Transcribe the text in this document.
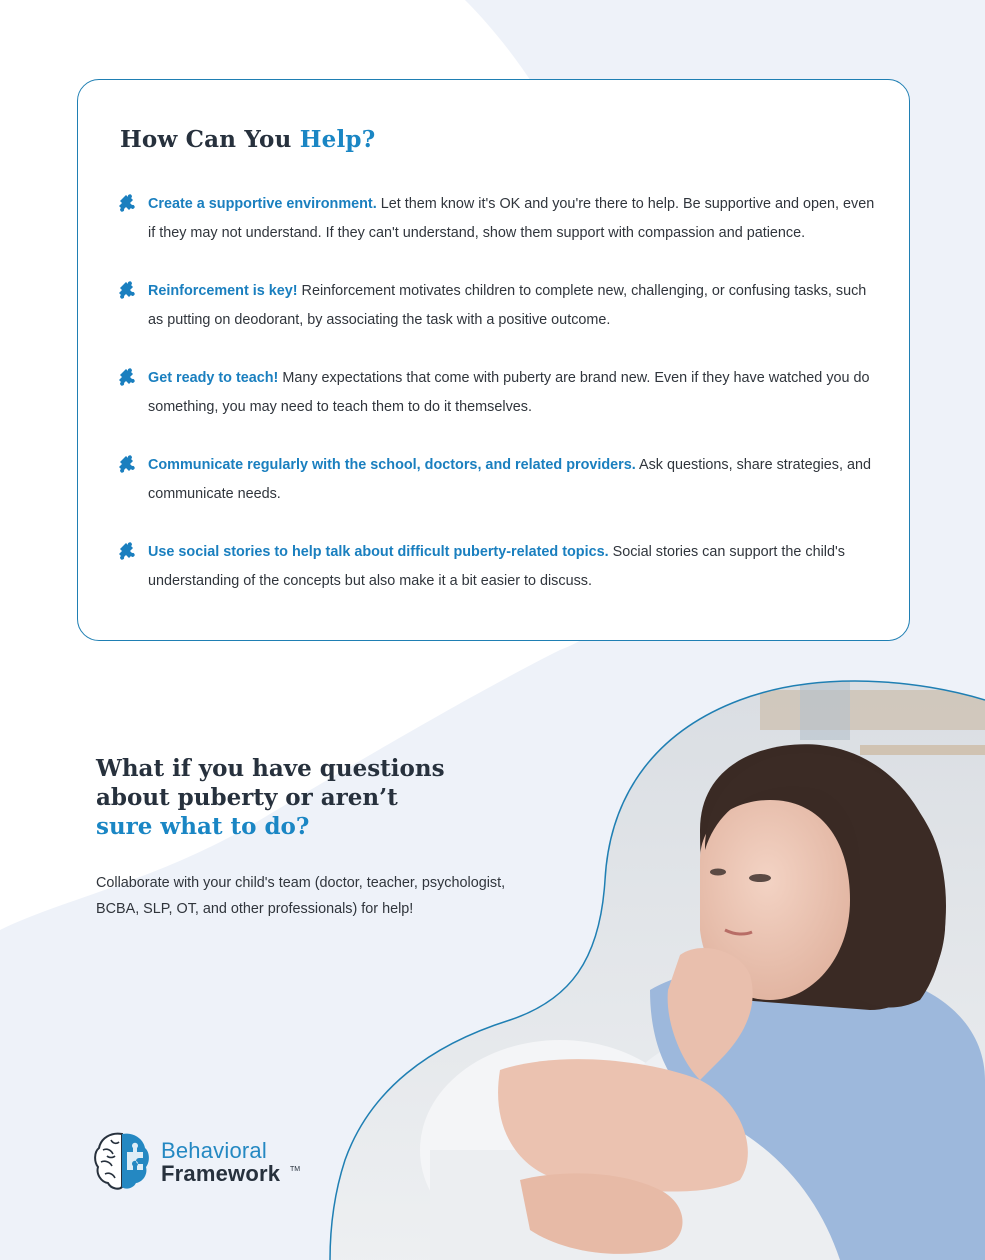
How Can You Help?
Create a supportive environment. Let them know it's OK and you're there to help. Be supportive and open, even if they may not understand. If they can't understand, show them support with compassion and patience.
Reinforcement is key! Reinforcement motivates children to complete new, challenging, or confusing tasks, such as putting on deodorant, by associating the task with a positive outcome.
Get ready to teach! Many expectations that come with puberty are brand new. Even if they have watched you do something, you may need to teach them to do it themselves.
Communicate regularly with the school, doctors, and related providers. Ask questions, share strategies, and communicate needs.
Use social stories to help talk about difficult puberty-related topics. Social stories can support the child's understanding of the concepts but also make it a bit easier to discuss.
What if you have questions
about puberty or aren’t
sure what to do?

Collaborate with your child's team (doctor, teacher, psychologist, BCBA, SLP, OT, and other professionals) for help!

Behavioral
Framework TM
